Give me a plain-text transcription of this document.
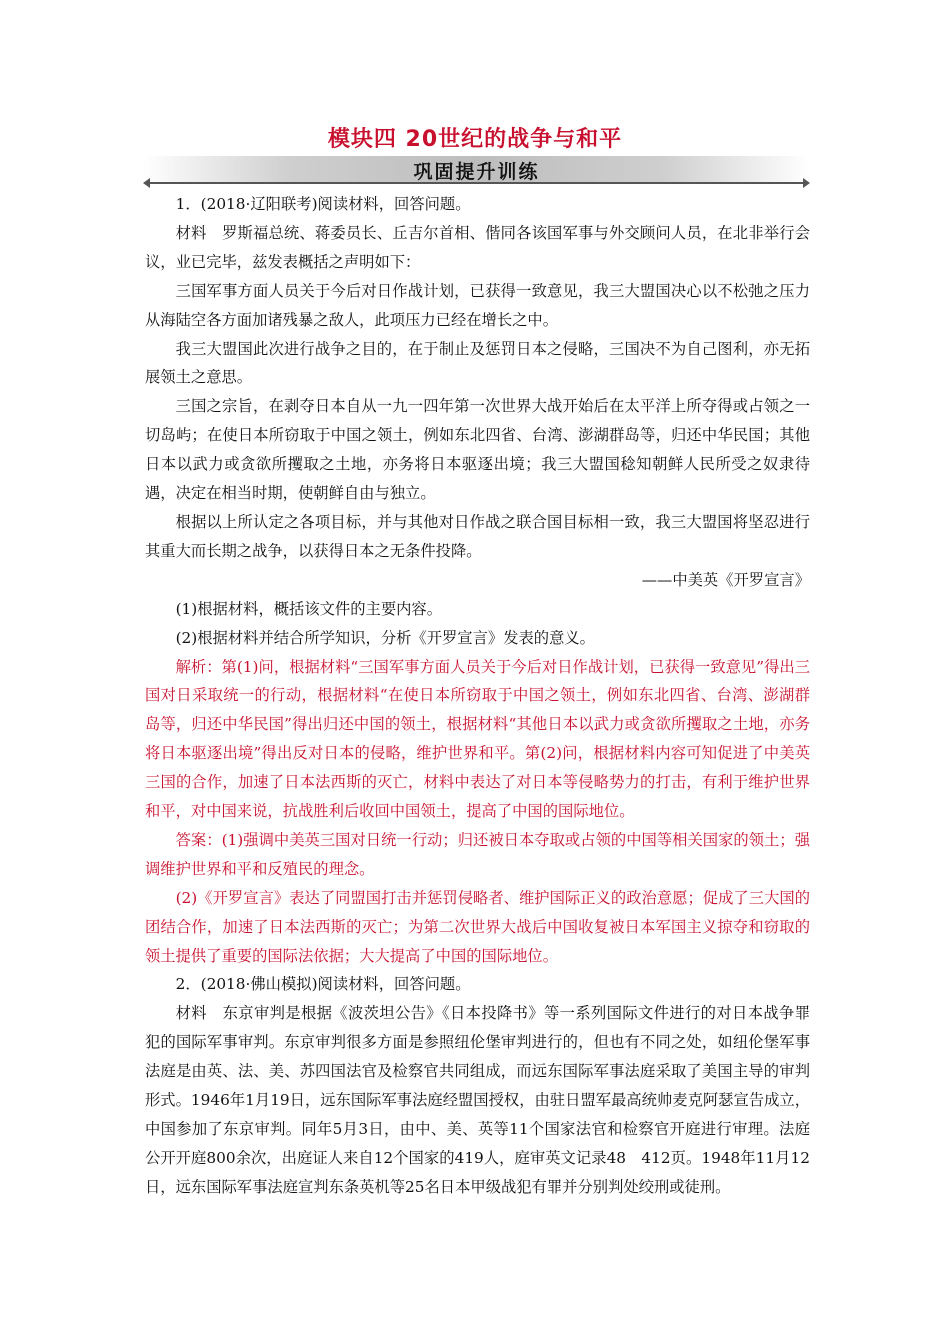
模块四 20世纪的战争与和平
巩固提升训练

1．(2018·辽阳联考)阅读材料，回答问题。

材料　罗斯福总统、蒋委员长、丘吉尔首相、偕同各该国军事与外交顾问人员，在北非举行会议，业已完毕，兹发表概括之声明如下：

三国军事方面人员关于今后对日作战计划，已获得一致意见，我三大盟国决心以不松弛之压力从海陆空各方面加诸残暴之敌人，此项压力已经在增长之中。

我三大盟国此次进行战争之目的，在于制止及惩罚日本之侵略，三国决不为自己图利，亦无拓展领土之意思。

三国之宗旨，在剥夺日本自从一九一四年第一次世界大战开始后在太平洋上所夺得或占领之一切岛屿；在使日本所窃取于中国之领土，例如东北四省、台湾、澎湖群岛等，归还中华民国；其他日本以武力或贪欲所攫取之土地，亦务将日本驱逐出境；我三大盟国稔知朝鲜人民所受之奴隶待遇，决定在相当时期，使朝鲜自由与独立。

根据以上所认定之各项目标，并与其他对日作战之联合国目标相一致，我三大盟国将坚忍进行其重大而长期之战争，以获得日本之无条件投降。

——中美英《开罗宣言》

(1)根据材料，概括该文件的主要内容。

(2)根据材料并结合所学知识，分析《开罗宣言》发表的意义。

解析：第(1)问，根据材料“三国军事方面人员关于今后对日作战计划，已获得一致意见”得出三国对日采取统一的行动，根据材料“在使日本所窃取于中国之领土，例如东北四省、台湾、澎湖群岛等，归还中华民国”得出归还中国的领土，根据材料“其他日本以武力或贪欲所攫取之土地，亦务将日本驱逐出境”得出反对日本的侵略，维护世界和平。第(2)问，根据材料内容可知促进了中美英三国的合作，加速了日本法西斯的灭亡，材料中表达了对日本等侵略势力的打击，有利于维护世界和平，对中国来说，抗战胜利后收回中国领土，提高了中国的国际地位。

答案：(1)强调中美英三国对日统一行动；归还被日本夺取或占领的中国等相关国家的领土；强调维护世界和平和反殖民的理念。

(2)《开罗宣言》表达了同盟国打击并惩罚侵略者、维护国际正义的政治意愿；促成了三大国的团结合作，加速了日本法西斯的灭亡；为第二次世界大战后中国收复被日本军国主义掠夺和窃取的领土提供了重要的国际法依据；大大提高了中国的国际地位。

2．(2018·佛山模拟)阅读材料，回答问题。

材料　东京审判是根据《波茨坦公告》《日本投降书》等一系列国际文件进行的对日本战争罪犯的国际军事审判。东京审判很多方面是参照纽伦堡审判进行的，但也有不同之处，如纽伦堡军事法庭是由英、法、美、苏四国法官及检察官共同组成，而远东国际军事法庭采取了美国主导的审判形式。1946年1月19日，远东国际军事法庭经盟国授权，由驻日盟军最高统帅麦克阿瑟宣告成立，中国参加了东京审判。同年5月3日，由中、美、英等11个国家法官和检察官开庭进行审理。法庭公开开庭800余次，出庭证人来自12个国家的419人，庭审英文记录48　412页。1948年11月12日，远东国际军事法庭宣判东条英机等25名日本甲级战犯有罪并分别判处绞刑或徒刑。
